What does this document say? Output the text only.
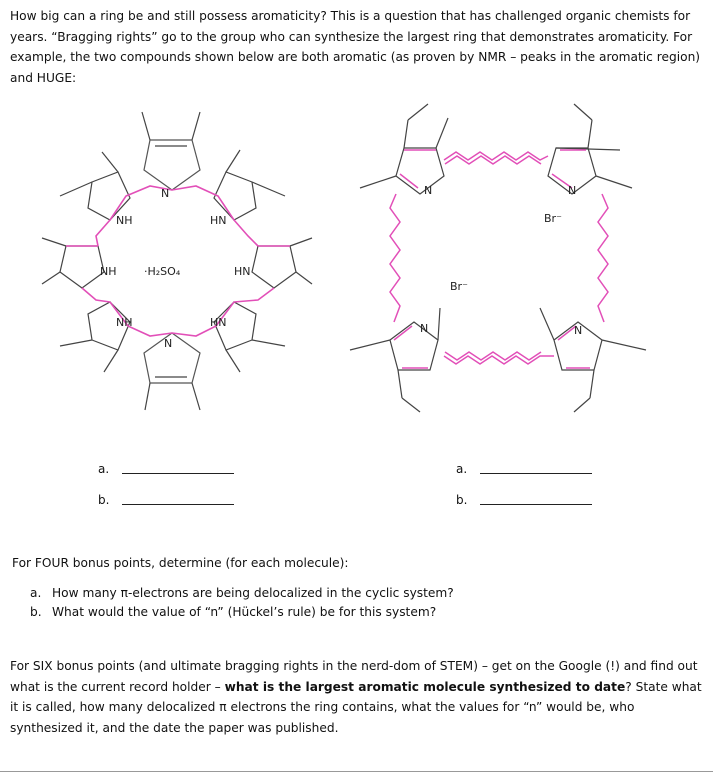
How big can a ring be and still possess aromaticity? This is a question that has challenged organic chemists for years. “Bragging rights” go to the group who can synthesize the largest ring that demonstrates aromaticity. For example, the two compounds shown below are both aromatic (as proven by NMR – peaks in the aromatic region) and HUGE:
N
NH	HN
NH	·H₂SO₄	HN
NH	HN
N
N	N
Br⁻
Br⁻
N	N
a.
b.
a.
b.
For FOUR bonus points, determine (for each molecule):
a. How many π-electrons are being delocalized in the cyclic system?
b. What would the value of “n” (Hückel’s rule) be for this system?
For SIX bonus points (and ultimate bragging rights in the nerd-dom of STEM) – get on the Google (!) and find out what is the current record holder – what is the largest aromatic molecule synthesized to date? State what it is called, how many delocalized π electrons the ring contains, what the values for “n” would be, who synthesized it, and the date the paper was published.
